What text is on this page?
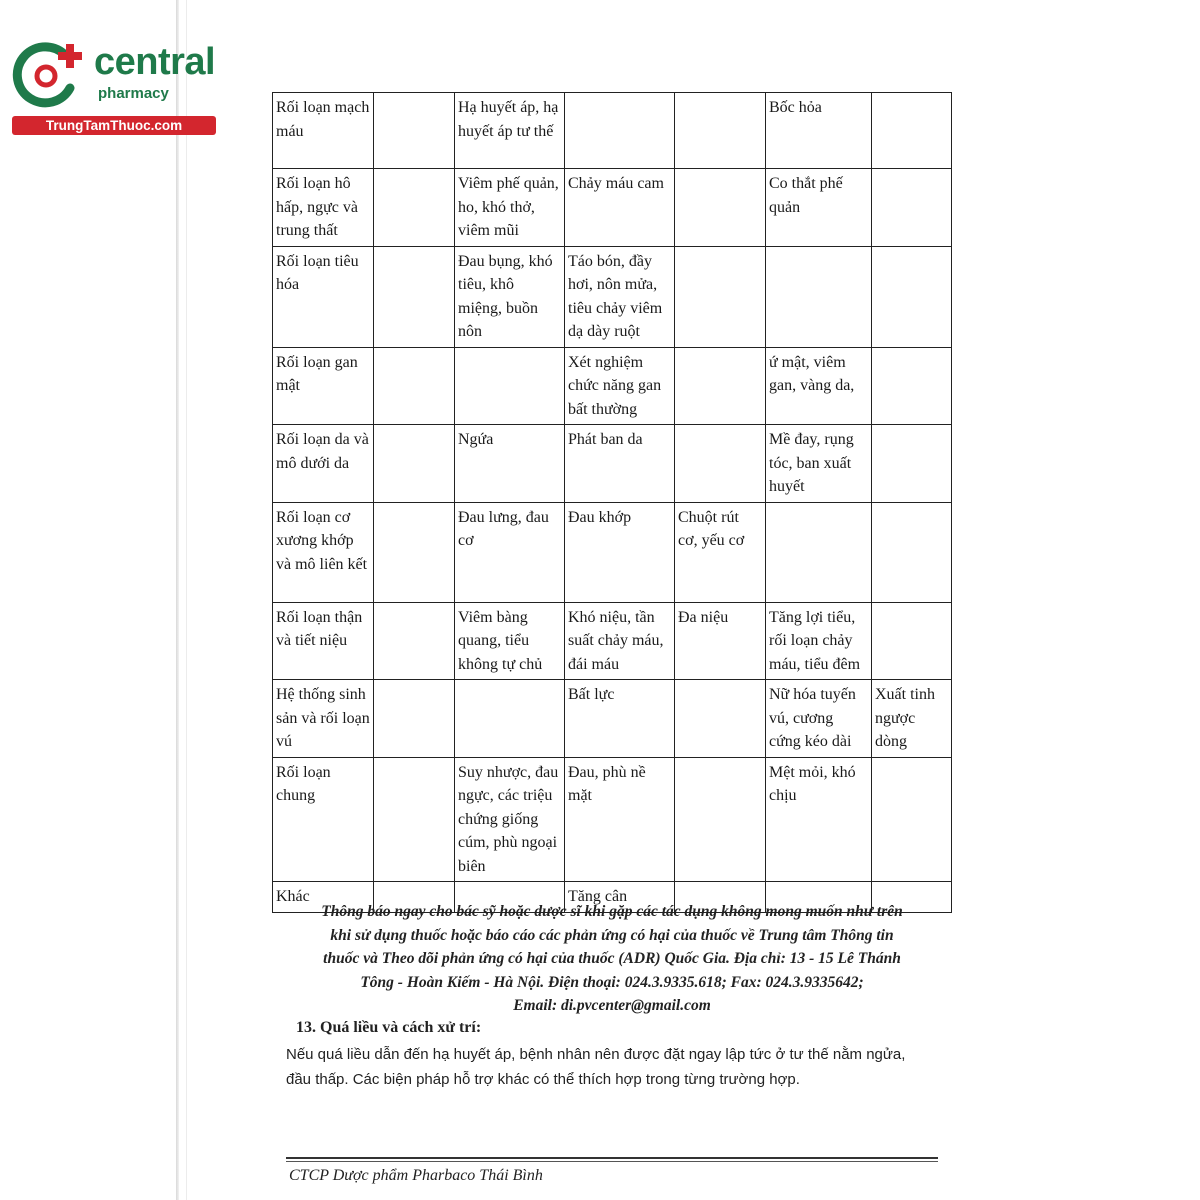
central
pharmacy
TrungTamThuoc.com
Rối loạn mạch máu		Hạ huyết áp, hạ huyết áp tư thế			Bốc hỏa	
Rối loạn hô hấp, ngực và trung thất		Viêm phế quản, ho, khó thở, viêm mũi	Chảy máu cam		Co thắt phế quản	
Rối loạn tiêu hóa		Đau bụng, khó tiêu, khô miệng, buồn nôn	Táo bón, đầy hơi, nôn mửa, tiêu chảy viêm dạ dày ruột			
Rối loạn gan mật			Xét nghiệm chức năng gan bất thường		ứ mật, viêm gan, vàng da,	
Rối loạn da và mô dưới da		Ngứa	Phát ban da		Mề đay, rụng tóc, ban xuất huyết	
Rối loạn cơ xương khớp và mô liên kết		Đau lưng, đau cơ	Đau khớp	Chuột rút cơ, yếu cơ		
Rối loạn thận và tiết niệu		Viêm bàng quang, tiểu không tự chủ	Khó niệu, tần suất chảy máu, đái máu	Đa niệu	Tăng lợi tiểu, rối loạn chảy máu, tiểu đêm	
Hệ thống sinh sản và rối loạn vú			Bất lực		Nữ hóa tuyến vú, cương cứng kéo dài	Xuất tinh ngược dòng
Rối loạn chung		Suy nhược, đau ngực, các triệu chứng giống cúm, phù ngoại biên	Đau, phù nề mặt		Mệt mỏi, khó chịu	
Khác			Tăng cân			

Thông báo ngay cho bác sỹ hoặc dược sĩ khi gặp các tác dụng không mong muốn như trên

khi sử dụng thuốc hoặc báo cáo các phản ứng có hại của thuốc về Trung tâm Thông tin

thuốc và Theo dõi phản ứng có hại của thuốc (ADR) Quốc Gia. Địa chỉ: 13 - 15 Lê Thánh

Tông - Hoàn Kiếm - Hà Nội. Điện thoại: 024.3.9335.618; Fax: 024.3.9335642;

Email: di.pvcenter@gmail.com

13. Quá liều và cách xử trí:

Nếu quá liều dẫn đến hạ huyết áp, bệnh nhân nên được đặt ngay lập tức ở tư thế nằm ngửa,

đầu thấp. Các biện pháp hỗ trợ khác có thể thích hợp trong từng trường hợp.

CTCP Dược phẩm Pharbaco Thái Bình
